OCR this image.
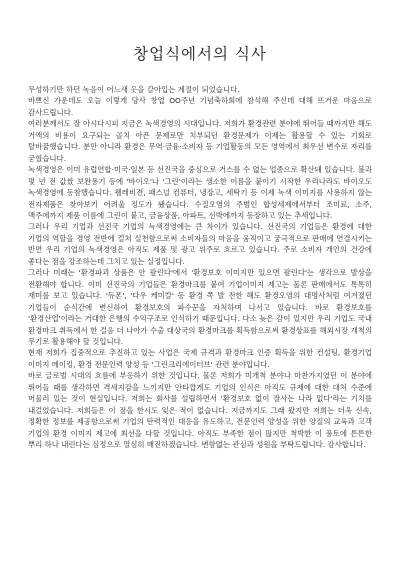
창업식에서의 식사

무성하기만 하던 녹음이 어느새 옷을 갈아입는 계절이 되었습니다.

바쁘신 가운데도 오늘 이렇게 당사 창업 OO주년 기념축하회에 참석해 주신데 대해 뜨거운 마음으로 감사드립니다.

여러분께서도 잘 아시다시피 지금은 녹색경영의 시대입니다. 저희가 환경관련 분야에 뛰어들 때까지만 해도 거액의 비용이 요구되는 골치 아픈 문제로만 치부되던 환경문제가 이제는 활용할 수 있는 기회로 탈바꿈했습니다. 분만 아니라 환경은 무역·금융·소비자 등 기업활동의 모든 영역에서 최우선 변수로 자리를 굳혔습니다.

녹색경영은 이미 유럽연합·미국·일본 등 선진국을 중심으로 거스를 수 없는 업종으로 확산돼 있습니다. 불과 몇 년 전 값쌌 보완용기 등에 '바이오'나 '그린'이라는 생소한 이름을 붙이기 시작한 우리나라도 바이오도 녹색경영에 동참했습니다. 웰레비젼, 패스널 컴퓨터, 냉장고, 세탁기 등 이제 녹색 이미지를 사용하지 않는 전자제품은 찾아보기 어려울 정도가 됐습니다. 수질오염의 주범인 합성세제에서부터 조미료, 소주, 맥주에까지 제품 이름에 그린이 붙고, 금융상품, 아파트, 선박에까지 등장하고 있는 추세입니다.

그러나 우리 기업과 선진국 기업의 녹색경영에는 큰 차이가 있습니다. 선진국의 기업들은 환경에 대한 기업의 역할을 경영 전반에 걸쳐 실천함으로써 소비자들의 마음을 움직이고 궁극적으로 판매에 연결시키는 반면 우리 기업의 녹색경영은 아직도 제품 및 광고 위주로 흐르고 있습니다. 주로 소비자 개인의 건강에 좋다는 점을 강조하는데 그치고 있는 실정입니다.

그러나 미래는 '환경파괴 상품은 안 팔린다'에서 '환경보호 이미지만 있으면 팔린다'는 생각으로 발상을 전환해야 합니다. 이미 선진국의 기업들은 환경마크를 붙여 기업이미지 제고는 물론 판매에서도 톡톡히 재미를 보고 있습니다. '듀폰', '다우 케미칼' 등 환경 쪽 발 전한 해도 환경오염의 대명사처럼 여겨졌던 기업들이 순식간에 변신하여 환경보호의 파수꾼을 자처하며 나서고 있습니다. 바로 환경보호를 '환경산업'이라는 거대한 은행의 수익구조로 인식하기 때문입니다. 다소 늦은 감이 있지만 우리 기업도 국내 환경마크 취득에서 한 걸음 더 나아가 수출 대상국의 환경마크를 획득함으로써 환경상표를 해외시장 개척의 무기로 활용해야 할 것입니다.

현재 저희가 집중적으로 추진하고 있는 사업은 국제 규격과 환경마크 인증 획득을 위한 컨설팅, 환경기업 이미지 메이킹, 환경 전문인력 양성 등 '그린크리에이터브' 관련 분야입니다.

바로 글로벌 시대의 흐름에 부응하기 위한 것입니다. 물론 저희가 미개척 분야나 마찬가지였던 이 분야에 뛰어들 때를 생각하면 격세지감을 느끼지만 안타깝게도 기업의 인식은 아직도 규제에 대한 대처 수준에 머물러 있는 것이 현실입니다. 저희는 회사를 설립하면서 '환경보호 없이 잘사는 나라 없다'라는 기치를 내걸었습니다. 저희들은 이 점을 한시도 잊은 적이 없습니다. 지금까지도 그래 왔지만 저희는 더욱 신속, 정확한 정보를 제공함으로써 기업의 탄력적인 대응을 유도하고, 전문인력 양성을 위한 양질의 교육과 고객 기업의 환경 이미지 제고에 최선을 다할 것입니다. 아직도 부족한 점이 많지만 척박한 이 풍토에 튼튼한 뿌리 하나 내린다는 심정으로 열심히 매진하겠습니다. 변함없는 관심과 성원을 부탁드립니다. 감사합니다.
